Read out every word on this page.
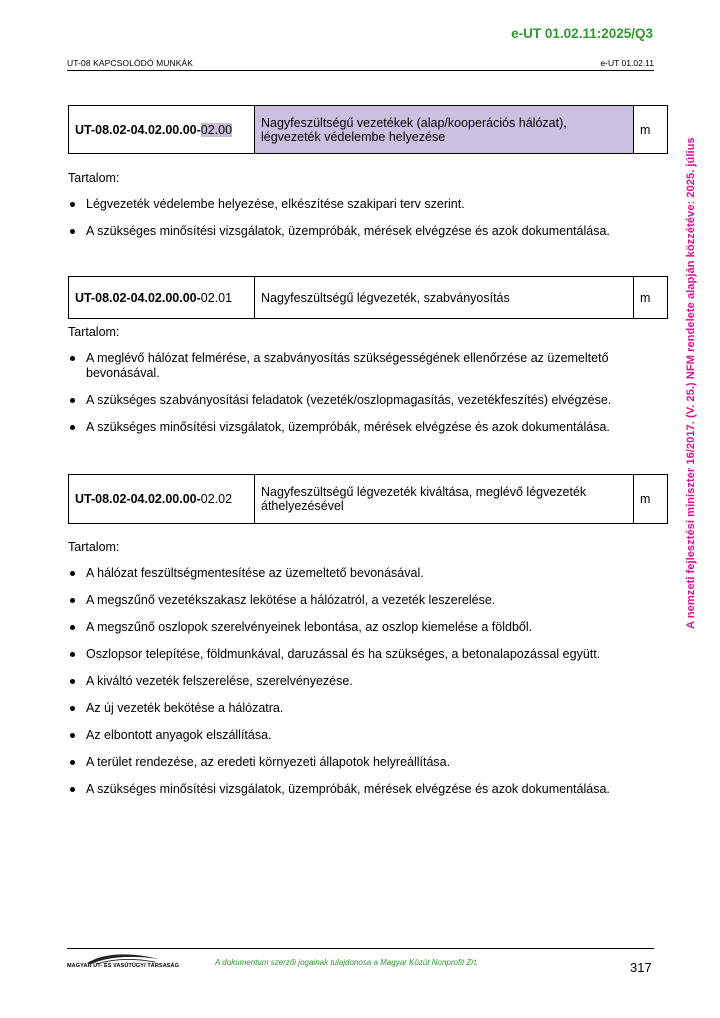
e-UT 01.02.11:2025/Q3
UT-08 KAPCSOLÓDÓ MUNKÁK	e-UT 01.02.11
A nemzeti fejlesztési miniszter 16/2017. (V. 25.) NFM rendelete alapján közzétéve: 2025. július
UT-08.02-04.02.00.00-02.00	Nagyfeszültségű vezetékek (alap/kooperációs hálózat), légvezeték védelembe helyezése	m

Tartalom:

Légvezeték védelembe helyezése, elkészítése szakipari terv szerint.
A szükséges minősítési vizsgálatok, üzempróbák, mérések elvégzése és azok dokumentálása.
UT-08.02-04.02.00.00-02.01	Nagyfeszültségű légvezeték, szabványosítás	m

Tartalom:

A meglévő hálózat felmérése, a szabványosítás szükségességének ellenőrzése az üzemeltető bevonásával.
A szükséges szabványosítási feladatok (vezeték/oszlopmagasítás, vezetékfeszítés) elvégzése.
A szükséges minősítési vizsgálatok, üzempróbák, mérések elvégzése és azok dokumentálása.
UT-08.02-04.02.00.00-02.02	Nagyfeszültségű légvezeték kiváltása, meglévő légvezeték áthelyezésével	m

Tartalom:

A hálózat feszültségmentesítése az üzemeltető bevonásával.
A megszűnő vezetékszakasz lekötése a hálózatról, a vezeték leszerelése.
A megszűnő oszlopok szerelvényeinek lebontása, az oszlop kiemelése a földből.
Oszlopsor telepítése, földmunkával, daruzással és ha szükséges, a betonalapozással együtt.
A kiváltó vezeték felszerelése, szerelvényezése.
Az új vezeték bekötése a hálózatra.
Az elbontott anyagok elszállítása.
A terület rendezése, az eredeti környezeti állapotok helyreállítása.
A szükséges minősítési vizsgálatok, üzempróbák, mérések elvégzése és azok dokumentálása.
MAGYAR ÚT- ÉS VASÚTÜGYI TÁRSASÁG	A dokumentum szerzői jogainak tulajdonosa a Magyar Közút Nonprofit Zrt.	317
